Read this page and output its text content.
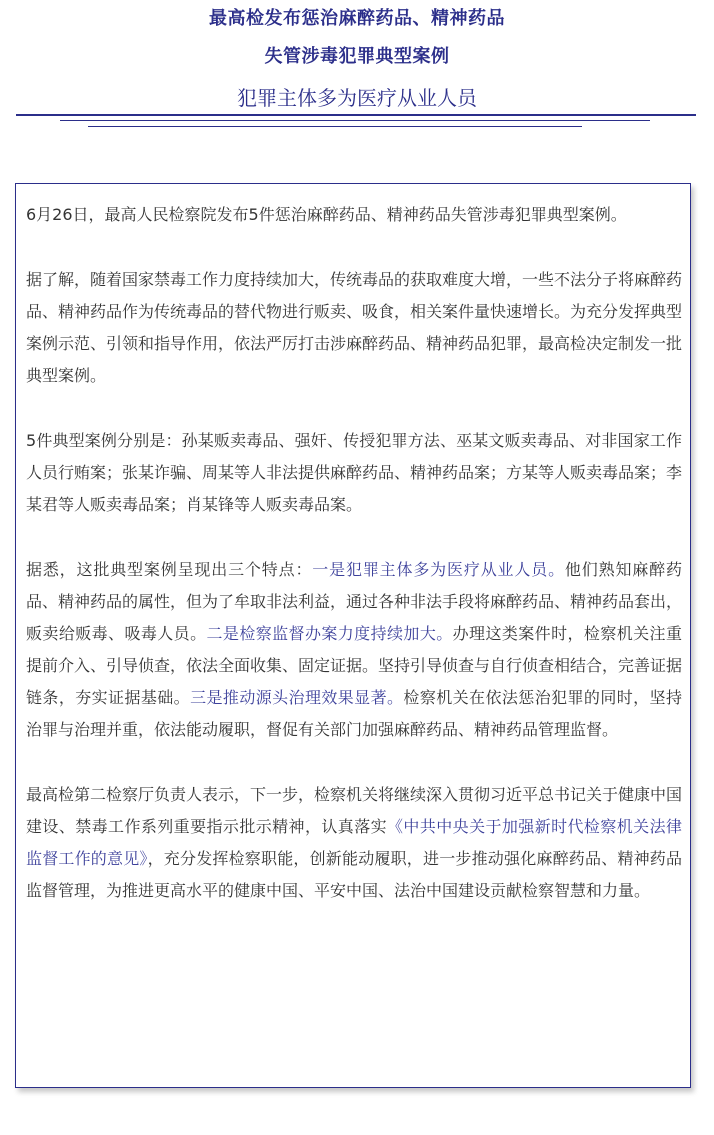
最高检发布惩治麻醉药品、精神药品
失管涉毒犯罪典型案例
犯罪主体多为医疗从业人员

6月26日，最高人民检察院发布5件惩治麻醉药品、精神药品失管涉毒犯罪典型案例。

据了解，随着国家禁毒工作力度持续加大，传统毒品的获取难度大增，一些不法分子将麻醉药品、精神药品作为传统毒品的替代物进行贩卖、吸食，相关案件量快速增长。为充分发挥典型案例示范、引领和指导作用，依法严厉打击涉麻醉药品、精神药品犯罪，最高检决定制发一批典型案例。

5件典型案例分别是：孙某贩卖毒品、强奸、传授犯罪方法、巫某文贩卖毒品、对非国家工作人员行贿案；张某诈骗、周某等人非法提供麻醉药品、精神药品案；方某等人贩卖毒品案；李某君等人贩卖毒品案；肖某锋等人贩卖毒品案。

据悉，这批典型案例呈现出三个特点：一是犯罪主体多为医疗从业人员。他们熟知麻醉药品、精神药品的属性，但为了牟取非法利益，通过各种非法手段将麻醉药品、精神药品套出，贩卖给贩毒、吸毒人员。二是检察监督办案力度持续加大。办理这类案件时，检察机关注重提前介入、引导侦查，依法全面收集、固定证据。坚持引导侦查与自行侦查相结合，完善证据链条，夯实证据基础。三是推动源头治理效果显著。检察机关在依法惩治犯罪的同时，坚持治罪与治理并重，依法能动履职，督促有关部门加强麻醉药品、精神药品管理监督。

最高检第二检察厅负责人表示，下一步，检察机关将继续深入贯彻习近平总书记关于健康中国建设、禁毒工作系列重要指示批示精神，认真落实《中共中央关于加强新时代检察机关法律监督工作的意见》，充分发挥检察职能，创新能动履职，进一步推动强化麻醉药品、精神药品监督管理，为推进更高水平的健康中国、平安中国、法治中国建设贡献检察智慧和力量。
